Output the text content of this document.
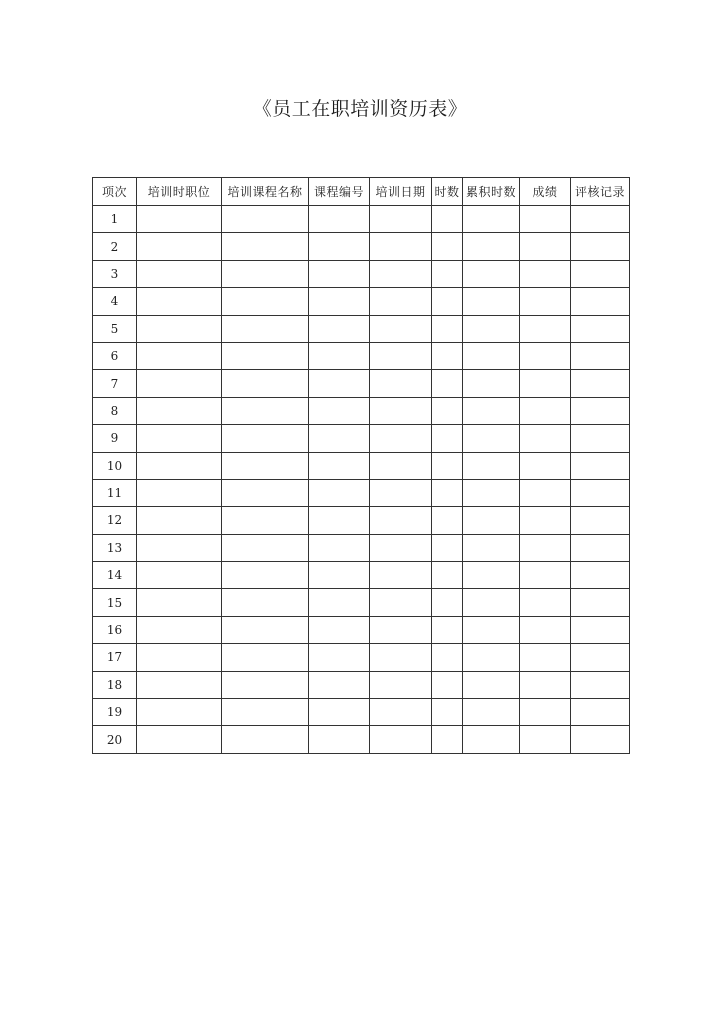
《员工在职培训资历表》
项次	培训时职位	培训课程名称	课程编号	培训日期	时数	累积时数	成绩	评核记录
1								
2								
3								
4								
5								
6								
7								
8								
9								
10								
11								
12								
13								
14								
15								
16								
17								
18								
19								
20								
